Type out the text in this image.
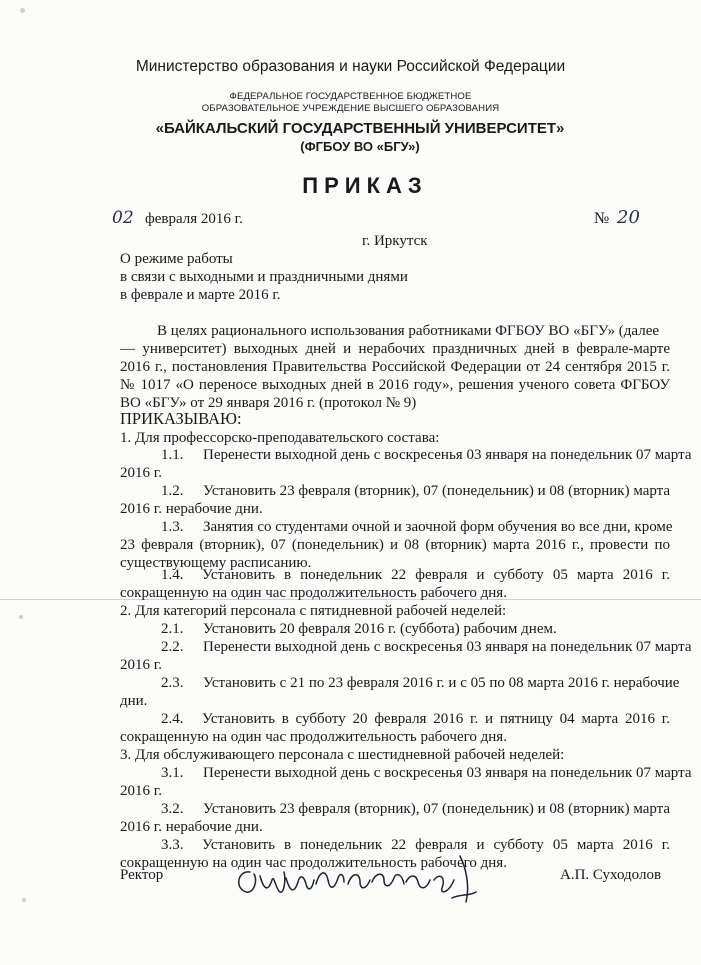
Министерство образования и науки Российской Федерации
ФЕДЕРАЛЬНОЕ ГОСУДАРСТВЕННОЕ БЮДЖЕТНОЕ
ОБРАЗОВАТЕЛЬНОЕ УЧРЕЖДЕНИЕ ВЫСШЕГО ОБРАЗОВАНИЯ
«БАЙКАЛЬСКИЙ ГОСУДАРСТВЕННЫЙ УНИВЕРСИТЕТ»
(ФГБОУ ВО «БГУ»)
ПРИКАЗ
02 февраля 2016 г.	№ 20
г. Иркутск
О режиме работы
в связи с выходными и праздничными днями
в феврале и марте 2016 г.
В целях рационального использования работниками ФГБОУ ВО «БГУ» (далее
— университет) выходных дней и нерабочих праздничных дней в феврале-марте
2016 г., постановления Правительства Российской Федерации от 24 сентября 2015 г.
№ 1017 «О переносе выходных дней в 2016 году», решения ученого совета ФГБОУ
ВО «БГУ» от 29 января 2016 г. (протокол № 9)
ПРИКАЗЫВАЮ:
1. Для профессорско-преподавательского состава:
1.1. Перенести выходной день с воскресенья 03 января на понедельник 07 марта
2016 г.
1.2. Установить 23 февраля (вторник), 07 (понедельник) и 08 (вторник) марта
2016 г. нерабочие дни.
1.3. Занятия со студентами очной и заочной форм обучения во все дни, кроме
23 февраля (вторник), 07 (понедельник) и 08 (вторник) марта 2016 г., провести по
существующему расписанию.
1.4. Установить в понедельник 22 февраля и субботу 05 марта 2016 г.
сокращенную на один час продолжительность рабочего дня.
2. Для категорий персонала с пятидневной рабочей неделей:
2.1. Установить 20 февраля 2016 г. (суббота) рабочим днем.
2.2. Перенести выходной день с воскресенья 03 января на понедельник 07 марта
2016 г.
2.3. Установить с 21 по 23 февраля 2016 г. и с 05 по 08 марта 2016 г. нерабочие
дни.
2.4. Установить в субботу 20 февраля 2016 г. и пятницу 04 марта 2016 г.
сокращенную на один час продолжительность рабочего дня.
3. Для обслуживающего персонала с шестидневной рабочей неделей:
3.1. Перенести выходной день с воскресенья 03 января на понедельник 07 марта
2016 г.
3.2. Установить 23 февраля (вторник), 07 (понедельник) и 08 (вторник) марта
2016 г. нерабочие дни.
3.3. Установить в понедельник 22 февраля и субботу 05 марта 2016 г.
сокращенную на один час продолжительность рабочего дня.
Ректор	А.П. Суходолов
